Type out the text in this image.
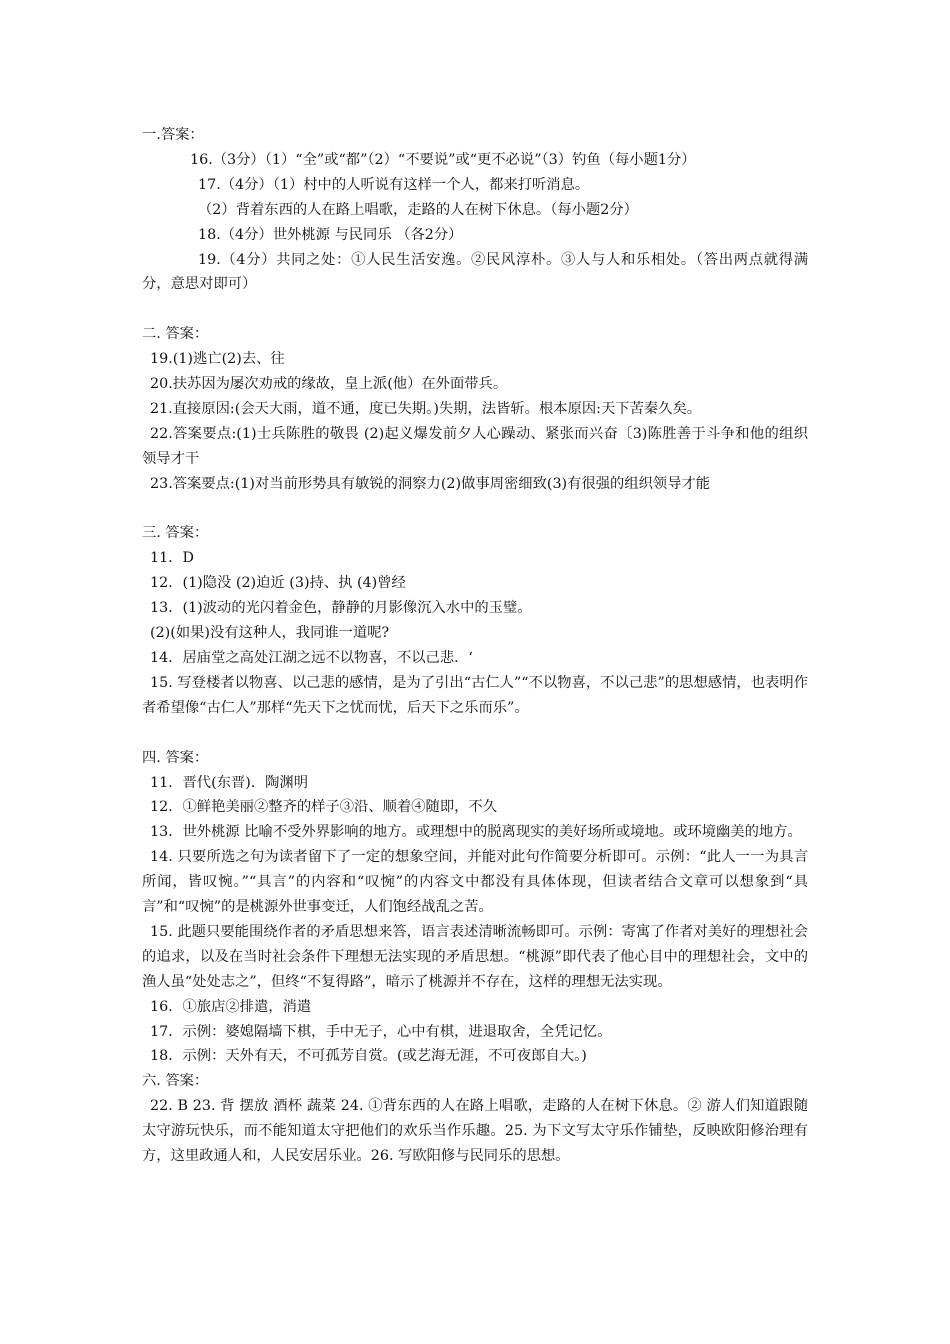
一.答案：
16.（3分）（1）“全”或“都”（2）“不要说”或“更不必说”（3）钓鱼（每小题1分）
17.（4分）（1）村中的人听说有这样一个人，都来打听消息。
（2）背着东西的人在路上唱歌，走路的人在树下休息。（每小题2分）
18.（4分）世外桃源 与民同乐 （各2分）
19.（4分）共同之处：①人民生活安逸。②民风淳朴。③人与人和乐相处。（答出两点就得满分，意思对即可）
二. 答案：
19.(1)逃亡(2)去、往
20.扶苏因为屡次劝戒的缘故，皇上派(他）在外面带兵。
21.直接原因:(会天大雨，道不通，度已失期。)失期，法皆斩。根本原因:天下苦秦久矣。
22.答案要点:(1)士兵陈胜的敬畏 (2)起义爆发前夕人心躁动、紧张而兴奋〔3)陈胜善于斗争和他的组织领导才干
23.答案要点:(1)对当前形势具有敏锐的洞察力(2)做事周密细致(3)有很强的组织领导才能
三. 答案：
11．D
12．(1)隐没 (2)迫近 (3)持、执 (4)曾经
13．(1)波动的光闪着金色，静静的月影像沉入水中的玉璧。
(2)(如果)没有这种人，我同谁一道呢?
14．居庙堂之高处江湖之远不以物喜，不以己悲．‘
15. 写登楼者以物喜、以己悲的感情，是为了引出“古仁人”“不以物喜，不以己悲”的思想感情，也表明作者希望像“古仁人”那样“先天下之忧而忧，后天下之乐而乐”。
四. 答案：
11．晋代(东晋)．陶渊明
12．①鲜艳美丽②整齐的样子③沿、顺着④随即，不久
13．世外桃源 比喻不受外界影响的地方。或理想中的脱离现实的美好场所或境地。或环境幽美的地方。
14. 只要所选之句为读者留下了一定的想象空间，并能对此句作简要分析即可。示例：“此人一一为具言所闻，皆叹惋。”“具言”的内容和“叹惋”的内容文中都没有具体体现，但读者结合文章可以想象到“具言”和“叹惋”的是桃源外世事变迁，人们饱经战乱之苦。
15. 此题只要能围绕作者的矛盾思想来答，语言表述清晰流畅即可。示例：寄寓了作者对美好的理想社会的追求，以及在当时社会条件下理想无法实现的矛盾思想。“桃源”即代表了他心目中的理想社会，文中的渔人虽“处处志之”，但终“不复得路”，暗示了桃源并不存在，这样的理想无法实现。
16．①旅店②排遣，消遣
17．示例：婆媳隔墙下棋，手中无子，心中有棋，进退取舍，全凭记忆。
18．示例：天外有天，不可孤芳自赏。(或艺海无涯，不可夜郎自大。)
六. 答案：
22. B 23. 背 摆放 酒杯 蔬菜 24. ①背东西的人在路上唱歌，走路的人在树下休息。② 游人们知道跟随太守游玩快乐，而不能知道太守把他们的欢乐当作乐趣。25. 为下文写太守乐作铺垫，反映欧阳修治理有方，这里政通人和，人民安居乐业。26. 写欧阳修与民同乐的思想。
